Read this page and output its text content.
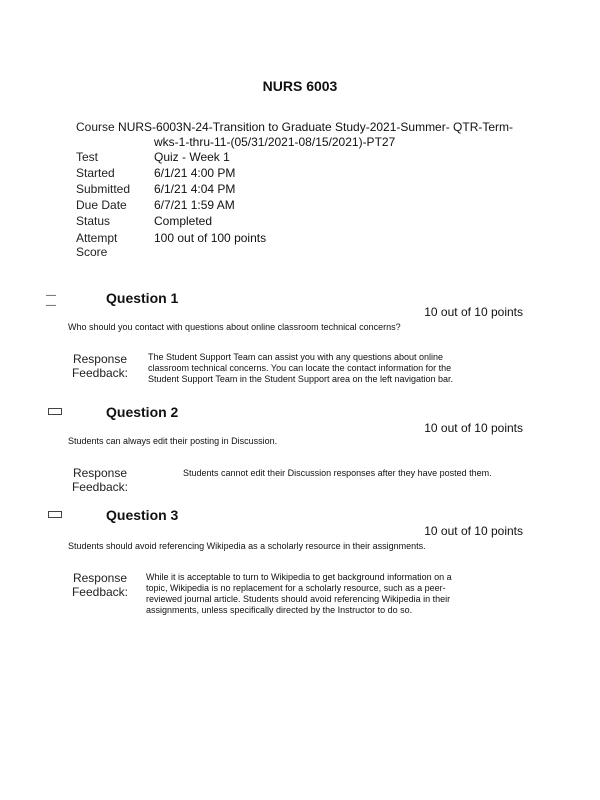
NURS 6003
Course NURS-6003N-24-Transition to Graduate Study-2021-Summer- QTR-Term-
wks-1-thru-11-(05/31/2021-08/15/2021)-PT27
Test	Quiz - Week 1
Started	6/1/21 4:00 PM
Submitted 6/1/21 4:04 PM
Due Date 6/7/21 1:59 AM
Status	Completed
Attempt
Score
100 out of 100 points
—
—	Question 1
10 out of 10 points
Who should you contact with questions about online classroom technical concerns?
Response
Feedback:
The Student Support Team can assist you with any questions about online
classroom technical concerns. You can locate the contact information for the
Student Support Team in the Student Support area on the left navigation bar.
Question 2
10 out of 10 points
Students can always edit their posting in Discussion.
Response
Feedback:
Students cannot edit their Discussion responses after they have posted them.
Question 3
10 out of 10 points
Students should avoid referencing Wikipedia as a scholarly resource in their assignments.
Response
Feedback:
While it is acceptable to turn to Wikipedia to get background information on a
topic, Wikipedia is no replacement for a scholarly resource, such as a peer-
reviewed journal article. Students should avoid referencing Wikipedia in their
assignments, unless specifically directed by the Instructor to do so.
